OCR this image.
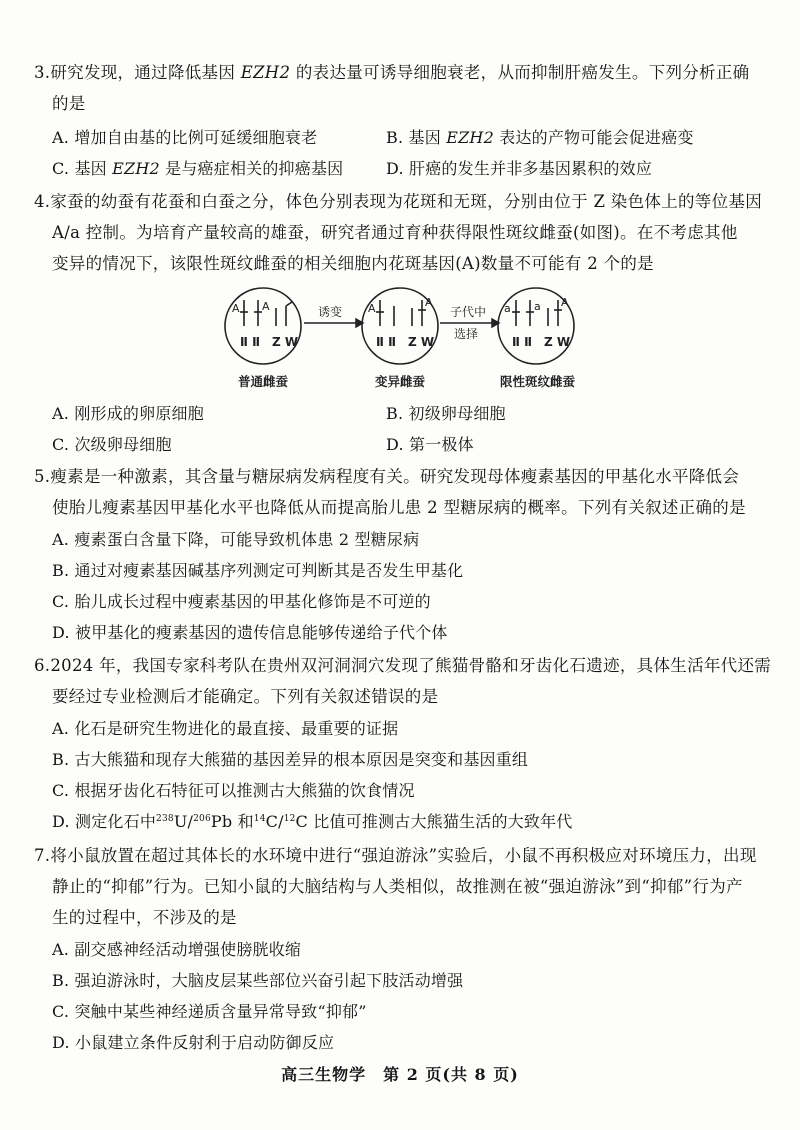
3.研究发现，通过降低基因 EZH2 的表达量可诱导细胞衰老，从而抑制肝癌发生。下列分析正确
的是
A. 增加自由基的比例可延缓细胞衰老	B. 基因 EZH2 表达的产物可能会促进癌变
C. 基因 EZH2 是与癌症相关的抑癌基因	D. 肝癌的发生并非多基因累积的效应
4.家蚕的幼蚕有花蚕和白蚕之分，体色分别表现为花斑和无斑，分别由位于 Z 染色体上的等位基因
A/a 控制。为培育产量较高的雄蚕，研究者通过育种获得限性斑纹雌蚕(如图)。在不考虑其他
变异的情况下，该限性斑纹雌蚕的相关细胞内花斑基因(A)数量不可能有 2 个的是
A A	A	A	a a A
Ⅱ Ⅱ Z W	Ⅱ Ⅱ Z W	Ⅱ Ⅱ Z W
诱变	子代中
选择
普通雌蚕	变异雌蚕	限性斑纹雌蚕
A. 刚形成的卵原细胞	B. 初级卵母细胞
C. 次级卵母细胞	D. 第一极体
5.瘦素是一种激素，其含量与糖尿病发病程度有关。研究发现母体瘦素基因的甲基化水平降低会
使胎儿瘦素基因甲基化水平也降低从而提高胎儿患 2 型糖尿病的概率。下列有关叙述正确的是
A. 瘦素蛋白含量下降，可能导致机体患 2 型糖尿病
B. 通过对瘦素基因碱基序列测定可判断其是否发生甲基化
C. 胎儿成长过程中瘦素基因的甲基化修饰是不可逆的
D. 被甲基化的瘦素基因的遗传信息能够传递给子代个体
6.2024 年，我国专家科考队在贵州双河洞洞穴发现了熊猫骨骼和牙齿化石遗迹，具体生活年代还需
要经过专业检测后才能确定。下列有关叙述错误的是
A. 化石是研究生物进化的最直接、最重要的证据
B. 古大熊猫和现存大熊猫的基因差异的根本原因是突变和基因重组
C. 根据牙齿化石特征可以推测古大熊猫的饮食情况
D. 测定化石中$^{238}$U/$^{206}$Pb 和$^{14}$C/$^{12}$C 比值可推测古大熊猫生活的大致年代
7.将小鼠放置在超过其体长的水环境中进行“强迫游泳”实验后，小鼠不再积极应对环境压力，出现
静止的“抑郁”行为。已知小鼠的大脑结构与人类相似，故推测在被“强迫游泳”到“抑郁”行为产
生的过程中，不涉及的是
A. 副交感神经活动增强使膀胱收缩
B. 强迫游泳时，大脑皮层某些部位兴奋引起下肢活动增强
C. 突触中某些神经递质含量异常导致“抑郁”
D. 小鼠建立条件反射利于启动防御反应
高三生物学　第 2 页(共 8 页)
